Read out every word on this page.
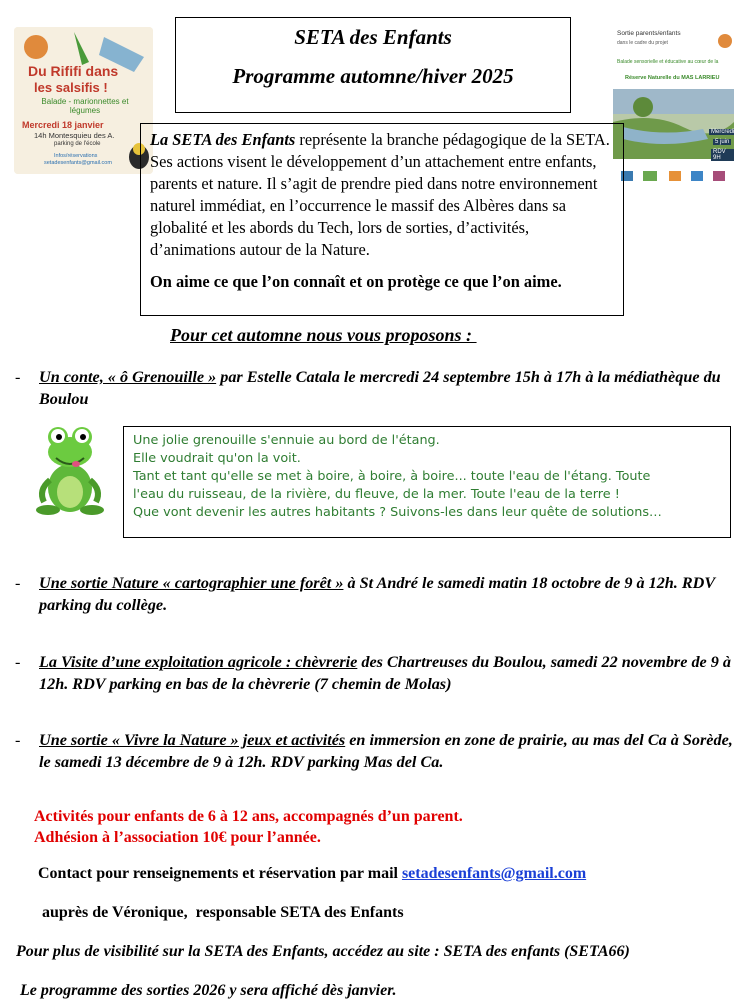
Du Rififi dans
les salsifis !
Balade - marionnettes et légumes
Mercredi 18 janvier
14h Montesquieu des A.
parking de l'école
Infos/réservations
setadesenfants@gmail.com
SETA des Enfants
Programme automne/hiver 2025
Sortie parents/enfants
dans le cadre du projet
Balade sensorielle et éducative au cœur de la
Réserve Naturelle du MAS LARRIEU
Mercredi
5 juin
RDV 9H

La SETA des Enfants représente la branche pédagogique de la SETA. Ses actions visent le développement d’un attachement entre enfants, parents et nature. Il s’agit de prendre pied dans notre environnement naturel immédiat, en l’occurrence le massif des Albères dans sa globalité et les abords du Tech, lors de sorties, d’activités, d’animations autour de la Nature.

On aime ce que l’on connaît et on protège ce que l’on aime.

Pour cet automne nous vous proposons :
-	Un conte, « ô Grenouille » par Estelle Catala le mercredi 24 septembre 15h à 17h à la médiathèque du Boulou
Une jolie grenouille s'ennuie au bord de l'étang.
Elle voudrait qu'on la voit.
Tant et tant qu'elle se met à boire, à boire, à boire... toute l'eau de l'étang. Toute
l'eau du ruisseau, de la rivière, du fleuve, de la mer. Toute l'eau de la terre !
Que vont devenir les autres habitants ? Suivons-les dans leur quête de solutions…
-	Une sortie Nature « cartographier une forêt » à St André le samedi matin 18 octobre de 9 à 12h. RDV parking du collège.
-	La Visite d’une exploitation agricole : chèvrerie des Chartreuses du Boulou, samedi 22 novembre de 9 à 12h. RDV parking en bas de la chèvrerie (7 chemin de Molas)
-	Une sortie « Vivre la Nature » jeux et activités en immersion en zone de prairie, au mas del Ca à Sorède, le samedi 13 décembre de 9 à 12h. RDV parking Mas del Ca.
Activités pour enfants de 6 à 12 ans, accompagnés d’un parent.
Adhésion à l’association 10€ pour l’année.
Contact pour renseignements et réservation par mail setadesenfants@gmail.com
auprès de Véronique,  responsable SETA des Enfants
Pour plus de visibilité sur la SETA des Enfants, accédez au site : SETA des enfants (SETA66)
Le programme des sorties 2026 y sera affiché dès janvier.
